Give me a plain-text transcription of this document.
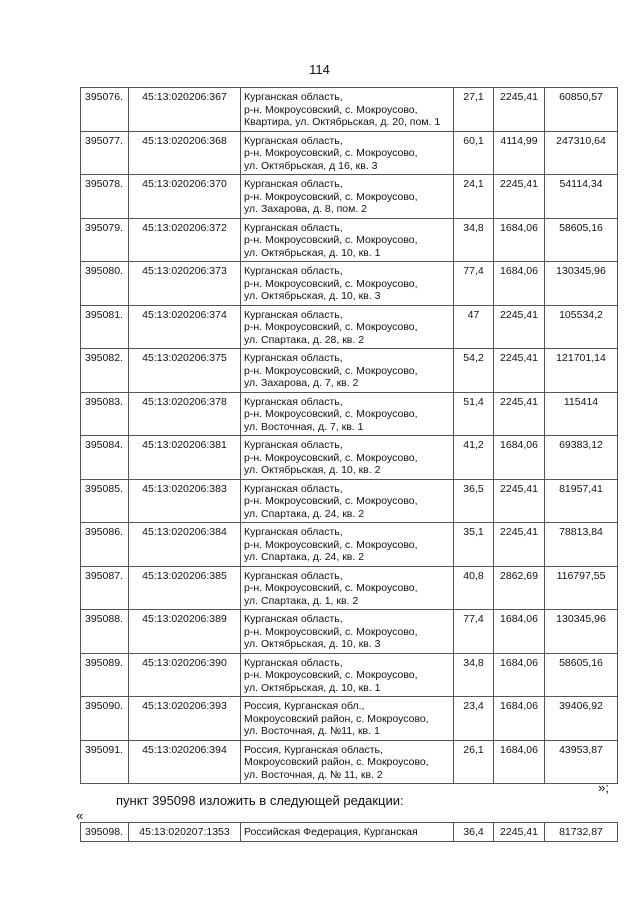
114
395076.	45:13:020206:367	Курганская область,
р-н. Мокроусовский, с. Мокроусово,
Квартира, ул. Октябрьская, д. 20, пом. 1	27,1	2245,41	60850,57
395077.	45:13:020206:368	Курганская область,
р-н. Мокроусовский, с. Мокроусово,
ул. Октябрьская, д 16, кв. 3	60,1	4114,99	247310,64
395078.	45:13:020206:370	Курганская область,
р-н. Мокроусовский, с. Мокроусово,
ул. Захарова, д. 8, пом. 2	24,1	2245,41	54114,34
395079.	45:13:020206:372	Курганская область,
р-н. Мокроусовский, с. Мокроусово,
ул. Октябрьская, д. 10, кв. 1	34,8	1684,06	58605,16
395080.	45:13:020206:373	Курганская область,
р-н. Мокроусовский, с. Мокроусово,
ул. Октябрьская, д. 10, кв. 3	77,4	1684,06	130345,96
395081.	45:13:020206:374	Курганская область,
р-н. Мокроусовский, с. Мокроусово,
ул. Спартака, д. 28, кв. 2	47	2245,41	105534,2
395082.	45:13:020206:375	Курганская область,
р-н. Мокроусовский, с. Мокроусово,
ул. Захарова, д. 7, кв. 2	54,2	2245,41	121701,14
395083.	45:13:020206:378	Курганская область,
р-н. Мокроусовский, с. Мокроусово,
ул. Восточная, д. 7, кв. 1	51,4	2245,41	115414
395084.	45:13:020206:381	Курганская область,
р-н. Мокроусовский, с. Мокроусово,
ул. Октябрьская, д. 10, кв. 2	41,2	1684,06	69383,12
395085.	45:13:020206:383	Курганская область,
р-н. Мокроусовский, с. Мокроусово,
ул. Спартака, д. 24, кв. 2	36,5	2245,41	81957,41
395086.	45:13:020206:384	Курганская область,
р-н. Мокроусовский, с. Мокроусово,
ул. Спартака, д. 24, кв. 2	35,1	2245,41	78813,84
395087.	45:13:020206:385	Курганская область,
р-н. Мокроусовский, с. Мокроусово,
ул. Спартака, д. 1, кв. 2	40,8	2862,69	116797,55
395088.	45:13:020206:389	Курганская область,
р-н. Мокроусовский, с. Мокроусово,
ул. Октябрьская, д. 10, кв. 3	77,4	1684,06	130345,96
395089.	45:13:020206:390	Курганская область,
р-н. Мокроусовский, с. Мокроусово,
ул. Октябрьская, д. 10, кв. 1	34,8	1684,06	58605,16
395090.	45:13:020206:393	Россия, Курганская обл.,
Мокроусовский район, с. Мокроусово,
ул. Восточная, д. №11, кв. 1	23,4	1684,06	39406,92
395091.	45:13:020206:394	Россия, Курганская область,
Мокроусовский район, с. Мокроусово,
ул. Восточная, д. № 11, кв. 2	26,1	1684,06	43953,87
»;
пункт 395098 изложить в следующей редакции:
«
395098.	45:13:020207:1353	Российская Федерация, Курганская	36,4	2245,41	81732,87
